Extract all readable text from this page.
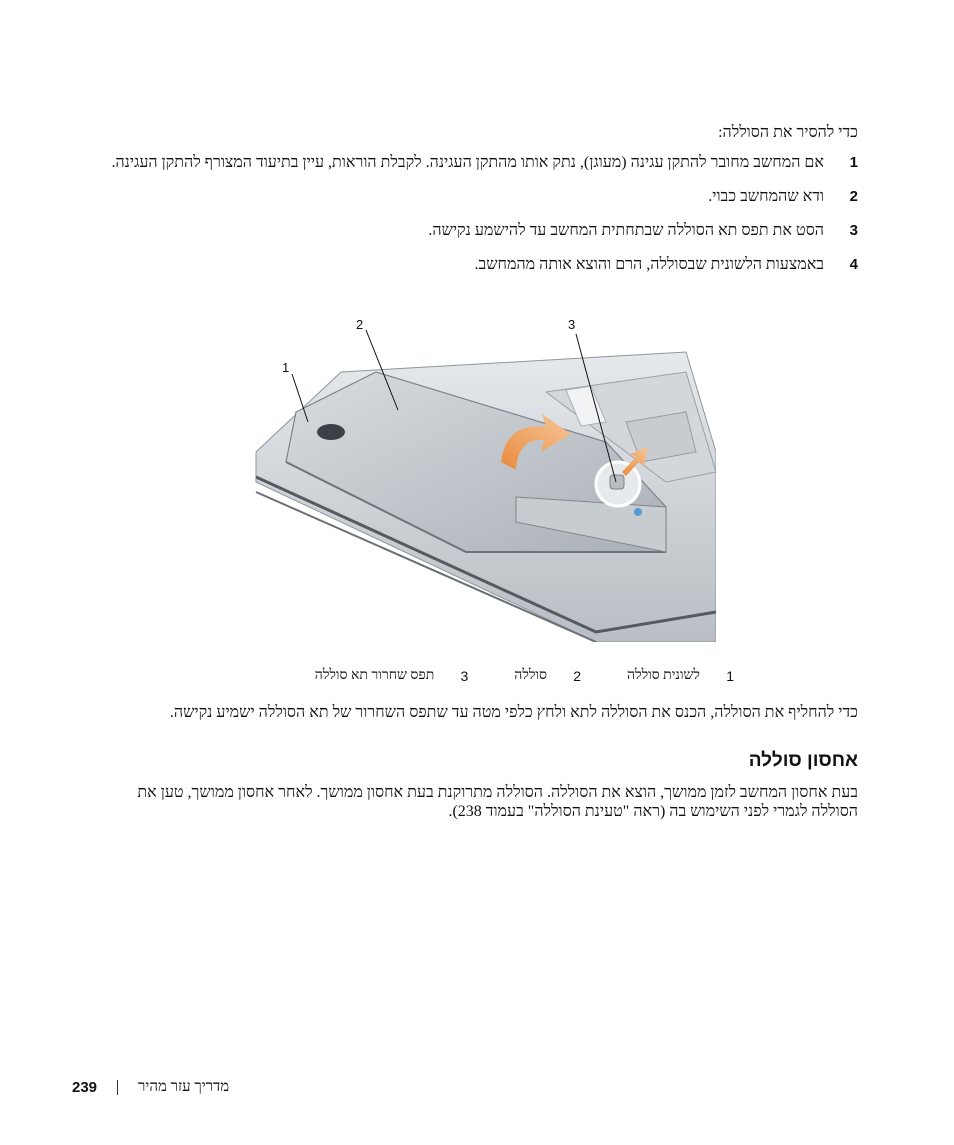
כדי להסיר את הסוללה:
1
אם המחשב מחובר להתקן עגינה (מעוגן), נתק אותו מהתקן העגינה. לקבלת הוראות, עיין בתיעוד המצורף להתקן העגינה.
2
ודא שהמחשב כבוי.
3
הסט את תפס תא הסוללה שבתחתית המחשב עד להישמע נקישה.
4
באמצעות הלשונית שבסוללה, הרם והוצא אותה מהמחשב.
1
2	3
1
לשונית סוללה
2
סוללה
3
תפס שחרור תא סוללה
כדי להחליף את הסוללה, הכנס את הסוללה לתא ולחץ כלפי מטה עד שתפס השחרור של תא הסוללה ישמיע נקישה.
אחסון סוללה
בעת אחסון המחשב לזמן ממושך, הוצא את הסוללה. הסוללה מתרוקנת בעת אחסון ממושך. לאחר אחסון ממושך, טען את הסוללה לגמרי לפני השימוש בה (ראה "טעינת הסוללה" בעמוד 238).
239	מדריך עזר מהיר
